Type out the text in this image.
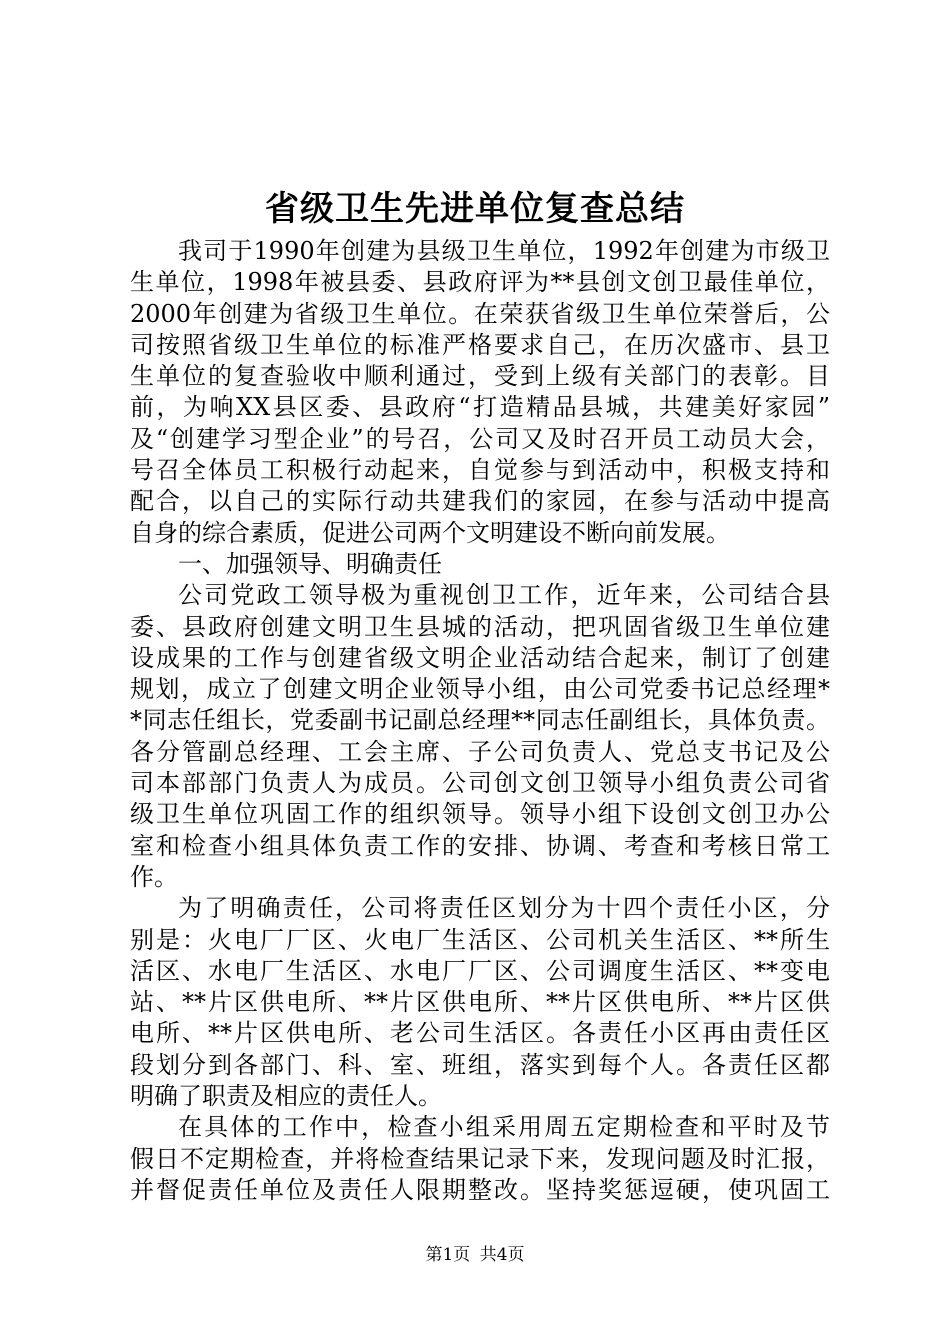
省级卫生先进单位复查总结
我司于1990年创建为县级卫生单位，1992年创建为市级卫
生单位，1998年被县委、县政府评为**县创文创卫最佳单位，
2000年创建为省级卫生单位。在荣获省级卫生单位荣誉后，公
司按照省级卫生单位的标准严格要求自己，在历次盛市、县卫
生单位的复查验收中顺利通过，受到上级有关部门的表彰。目
前，为响XX县区委、县政府“打造精品县城，共建美好家园”
及“创建学习型企业”的号召，公司又及时召开员工动员大会，
号召全体员工积极行动起来，自觉参与到活动中，积极支持和
配合，以自己的实际行动共建我们的家园，在参与活动中提高
自身的综合素质，促进公司两个文明建设不断向前发展。
一、加强领导、明确责任
公司党政工领导极为重视创卫工作，近年来，公司结合县
委、县政府创建文明卫生县城的活动，把巩固省级卫生单位建
设成果的工作与创建省级文明企业活动结合起来，制订了创建
规划，成立了创建文明企业领导小组，由公司党委书记总经理*
*同志任组长，党委副书记副总经理**同志任副组长，具体负责。
各分管副总经理、工会主席、子公司负责人、党总支书记及公
司本部部门负责人为成员。公司创文创卫领导小组负责公司省
级卫生单位巩固工作的组织领导。领导小组下设创文创卫办公
室和检查小组具体负责工作的安排、协调、考查和考核日常工
作。
为了明确责任，公司将责任区划分为十四个责任小区，分
别是：火电厂厂区、火电厂生活区、公司机关生活区、**所生
活区、水电厂生活区、水电厂厂区、公司调度生活区、**变电
站、**片区供电所、**片区供电所、**片区供电所、**片区供
电所、**片区供电所、老公司生活区。各责任小区再由责任区
段划分到各部门、科、室、班组，落实到每个人。各责任区都
明确了职责及相应的责任人。
在具体的工作中，检查小组采用周五定期检查和平时及节
假日不定期检查，并将检查结果记录下来，发现问题及时汇报，
并督促责任单位及责任人限期整改。坚持奖惩逗硬，使巩固工
第1页 共4页
